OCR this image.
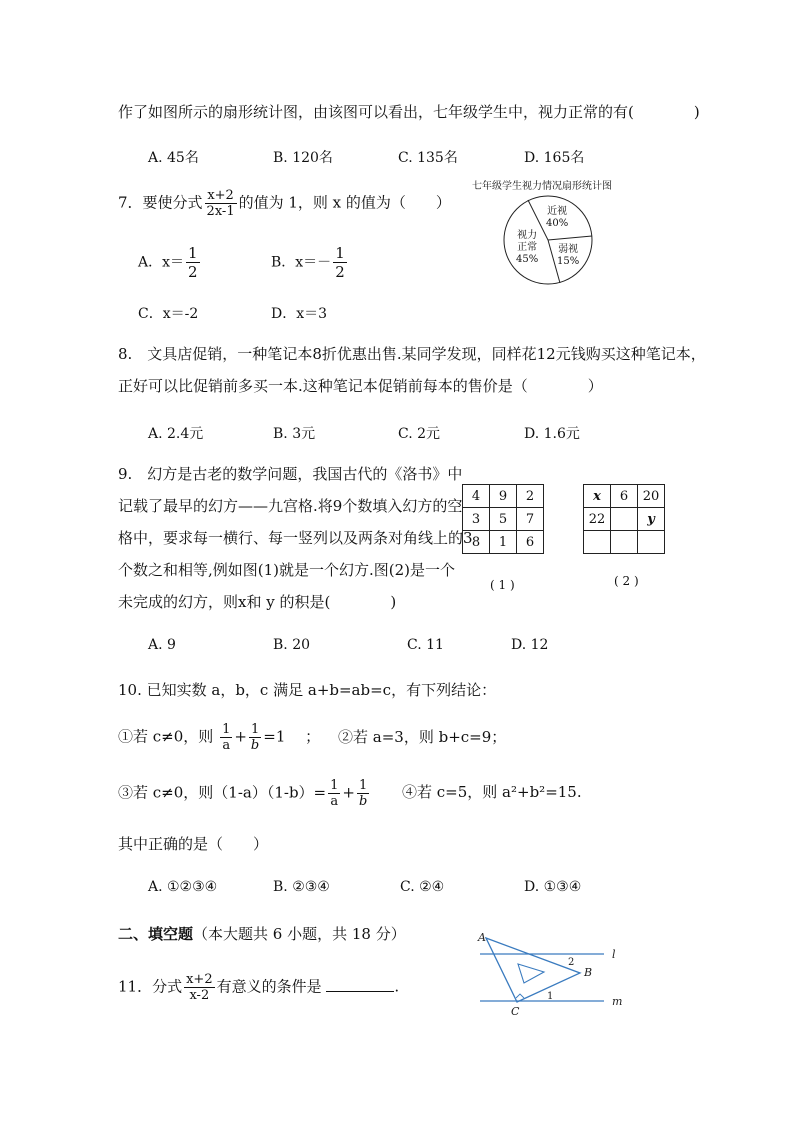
作了如图所示的扇形统计图，由该图可以看出，七年级学生中，视力正常的有(　　　　)
A. 45名	B. 120名	C. 135名	D. 165名
七年级学生视力情况扇形统计图
近视
40%
视力
正常
45%
弱视
15%
7．要使分式 $\frac{x+2}{2x-1}$ 的值为 1，则 x 的值为（　　）
A．$x= \frac{1}{2}$	B．$x=- \frac{1}{2}$
C．x＝-2	D．x＝3
8.　文具店促销，一种笔记本8折优惠出售.某同学发现，同样花12元钱购买这种笔记本，
正好可以比促销前多买一本.这种笔记本促销前每本的售价是（　　　　）
A. 2.4元	B. 3元	C. 2元	D. 1.6元
9.　幻方是古老的数学问题，我国古代的《洛书》中
记载了最早的幻方——九宫格.将9个数填入幻方的空
格中，要求每一横行、每一竖列以及两条对角线上的3
个数之和相等,例如图(1)就是一个幻方.图(2)是一个
未完成的幻方，则x和 y 的积是(　　　　)
4	9	2
3	5	7
8	1	6
( 1 )
x	6	20
22		y

( 2 )
A. 9	B. 20	C. 11	D. 12
10. 已知实数 a，b，c 满足 a+b=ab=c，有下列结论：
①若 c≠0，则 $\frac{1}{a} + \frac{1}{b} =1$ 　； ②若 a=3，则 b+c=9；
③若 c≠0，则$(1-a)(1-b)= \frac{1}{a} + \frac{1}{b}$ ④若 c=5，则 a²+b²=15.
其中正确的是（　　）
A. ①②③④	B. ②③④	C. ②④	D. ①③④
二、填空题（本大题共 6 小题，共 18 分）
11．分式 $\frac{x+2}{x-2}$ 有意义的条件是	.
A
B
C
l
m
2
1
